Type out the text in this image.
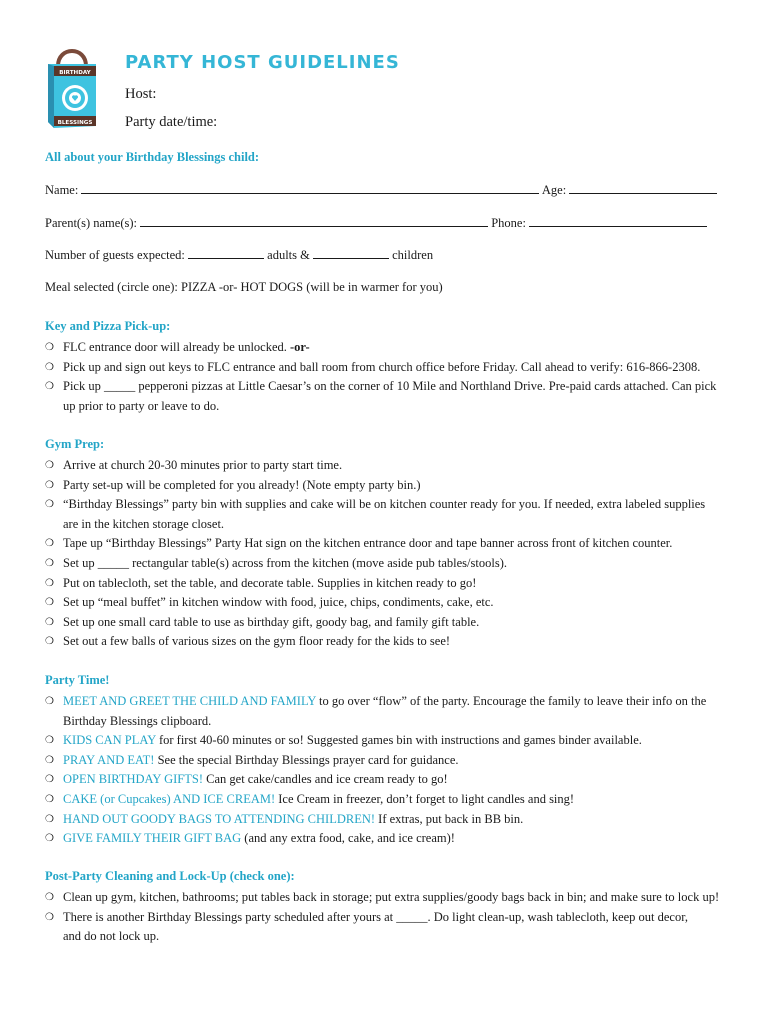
BIRTHDAY
BLESSINGS
PARTY HOST GUIDELINES
Host:
Party date/time:
All about your Birthday Blessings child:
Name:	Age:
Parent(s) name(s):	Phone:
Number of guests expected:	adults &	children
Meal selected (circle one): PIZZA -or- HOT DOGS (will be in warmer for you)
Key and Pizza Pick-up:
❍ FLC entrance door will already be unlocked. -or-
❍ Pick up and sign out keys to FLC entrance and ball room from church office before Friday. Call ahead to verify: 616-866-2308.
❍ Pick up _____ pepperoni pizzas at Little Caesar’s on the corner of 10 Mile and Northland Drive. Pre-paid cards attached. Can pick
up prior to party or leave to do.
Gym Prep:
❍ Arrive at church 20-30 minutes prior to party start time.
❍ Party set-up will be completed for you already! (Note empty party bin.)
❍ “Birthday Blessings” party bin with supplies and cake will be on kitchen counter ready for you. If needed, extra labeled supplies
are in the kitchen storage closet.
❍ Tape up “Birthday Blessings” Party Hat sign on the kitchen entrance door and tape banner across front of kitchen counter.
❍ Set up _____ rectangular table(s) across from the kitchen (move aside pub tables/stools).
❍ Put on tablecloth, set the table, and decorate table. Supplies in kitchen ready to go!
❍ Set up “meal buffet” in kitchen window with food, juice, chips, condiments, cake, etc.
❍ Set up one small card table to use as birthday gift, goody bag, and family gift table.
❍ Set out a few balls of various sizes on the gym floor ready for the kids to see!
Party Time!
❍ MEET AND GREET THE CHILD AND FAMILY to go over “flow” of the party. Encourage the family to leave their info on the
Birthday Blessings clipboard.
❍ KIDS CAN PLAY for first 40-60 minutes or so! Suggested games bin with instructions and games binder available.
❍ PRAY AND EAT! See the special Birthday Blessings prayer card for guidance.
❍ OPEN BIRTHDAY GIFTS! Can get cake/candles and ice cream ready to go!
❍ CAKE (or Cupcakes) AND ICE CREAM! Ice Cream in freezer, don’t forget to light candles and sing!
❍ HAND OUT GOODY BAGS TO ATTENDING CHILDREN! If extras, put back in BB bin.
❍ GIVE FAMILY THEIR GIFT BAG (and any extra food, cake, and ice cream)!
Post-Party Cleaning and Lock-Up (check one):
❍ Clean up gym, kitchen, bathrooms; put tables back in storage; put extra supplies/goody bags back in bin; and make sure to lock up!
❍ There is another Birthday Blessings party scheduled after yours at _____. Do light clean-up, wash tablecloth, keep out decor,
and do not lock up.
